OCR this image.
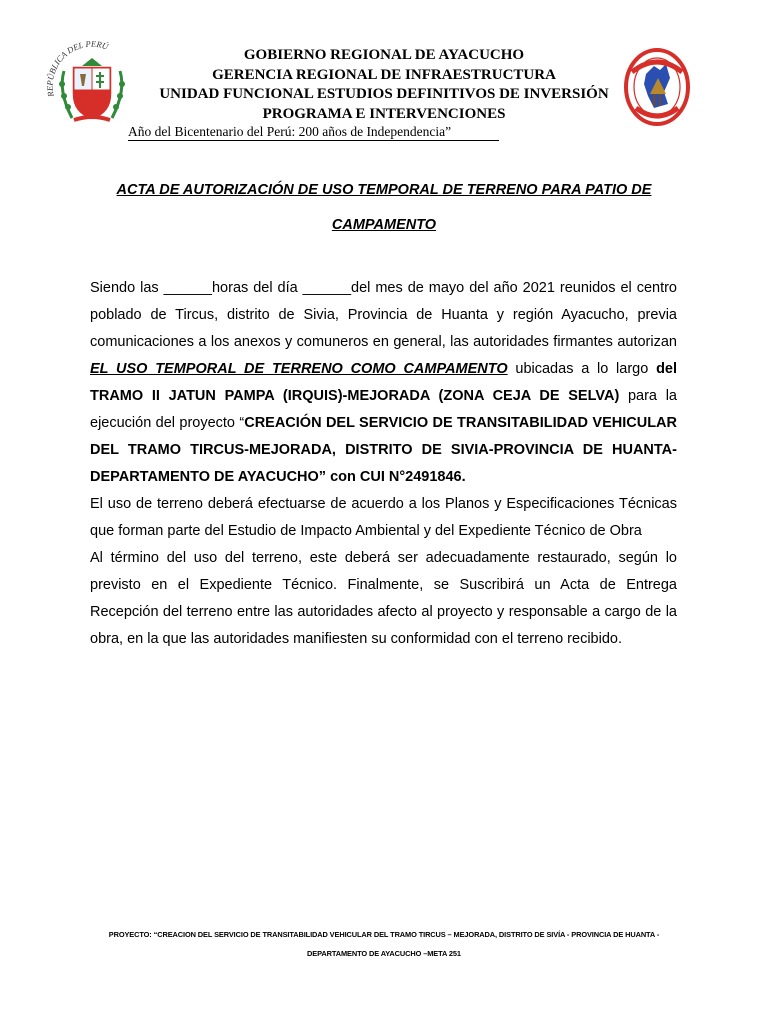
REPÚBLICA DEL PERÚ
GOBIERNO REGIONAL DE AYACUCHO
GERENCIA REGIONAL DE INFRAESTRUCTURA
UNIDAD FUNCIONAL ESTUDIOS DEFINITIVOS DE INVERSIÓN
PROGRAMA E INTERVENCIONES
Año del Bicentenario del Perú: 200 años de Independencia”
ACTA DE AUTORIZACIÓN DE USO TEMPORAL DE TERRENO PARA PATIO DE CAMPAMENTO

Siendo las ______horas del día ______del mes de mayo del año 2021 reunidos el centro poblado de Tircus, distrito de Sivia, Provincia de Huanta y región Ayacucho, previa comunicaciones a los anexos y comuneros en general, las autoridades firmantes autorizan EL USO TEMPORAL DE TERRENO COMO CAMPAMENTO ubicadas a lo largo del TRAMO II JATUN PAMPA (IRQUIS)-MEJORADA (ZONA CEJA DE SELVA) para la ejecución del proyecto “CREACIÓN DEL SERVICIO DE TRANSITABILIDAD VEHICULAR DEL TRAMO TIRCUS-MEJORADA, DISTRITO DE SIVIA-PROVINCIA DE HUANTA-DEPARTAMENTO DE AYACUCHO” con CUI N°2491846.

El uso de terreno deberá efectuarse de acuerdo a los Planos y Especificaciones Técnicas que forman parte del Estudio de Impacto Ambiental y del Expediente Técnico de Obra

Al término del uso del terreno, este deberá ser adecuadamente restaurado, según lo previsto en el Expediente Técnico. Finalmente, se Suscribirá un Acta de Entrega Recepción del terreno entre las autoridades afecto al proyecto y responsable a cargo de la obra, en la que las autoridades manifiesten su conformidad con el terreno recibido.

PROYECTO: “CREACION DEL SERVICIO DE TRANSITABILIDAD VEHICULAR DEL TRAMO TIRCUS – MEJORADA, DISTRITO DE SIVÍA - PROVINCIA DE HUANTA -
DEPARTAMENTO DE AYACUCHO –META 251
